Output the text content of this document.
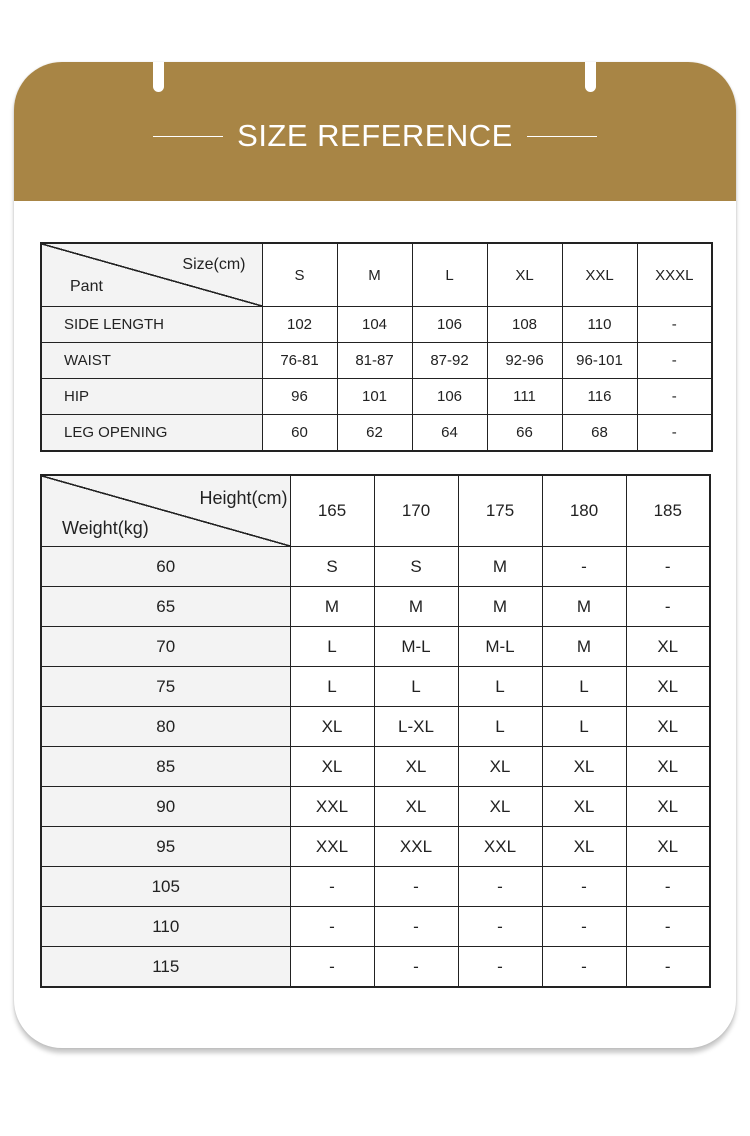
SIZE REFERENCE
Size(cm)
Pant	S	M	L	XL	XXL	XXXL
SIDE LENGTH	102	104	106	108	110	-
WAIST	76-81	81-87	87-92	92-96	96-101	-
HIP	96	101	106	111	116	-
LEG OPENING	60	62	64	66	68	-
Height(cm)
Weight(kg)	165	170	175	180	185
60	S	S	M	-	-
65	M	M	M	M	-
70	L	M-L	M-L	M	XL
75	L	L	L	L	XL
80	XL	L-XL	L	L	XL
85	XL	XL	XL	XL	XL
90	XXL	XL	XL	XL	XL
95	XXL	XXL	XXL	XL	XL
105	-	-	-	-	-
110	-	-	-	-	-
115	-	-	-	-	-
